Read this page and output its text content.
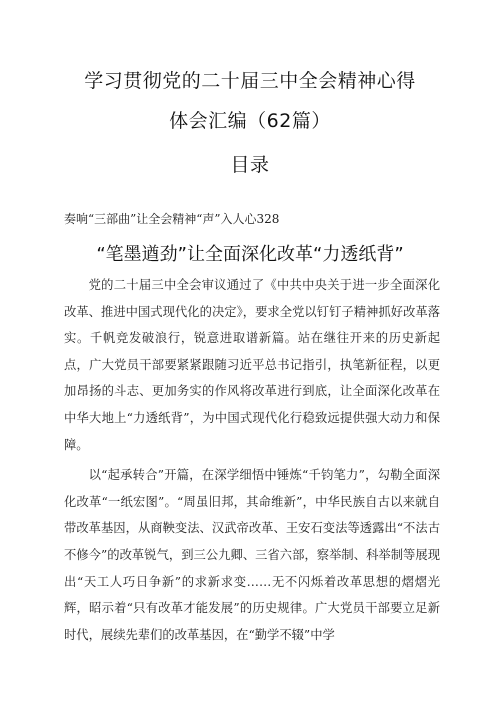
学习贯彻党的二十届三中全会精神心得
体会汇编（62篇）
目录
奏响“三部曲”让全会精神“声”入人心328
“笔墨遒劲”让全面深化改革“力透纸背”

党的二十届三中全会审议通过了《中共中央关于进一步全面深化改革、推进中国式现代化的决定》，要求全党以钉钉子精神抓好改革落实。千帆竞发破浪行，锐意进取谱新篇。站在继往开来的历史新起点，广大党员干部要紧紧跟随习近平总书记指引，执笔新征程，以更加昂扬的斗志、更加务实的作风将改革进行到底，让全面深化改革在中华大地上“力透纸背”，为中国式现代化行稳致远提供强大动力和保障。

以“起承转合”开篇，在深学细悟中锤炼“千钧笔力”，勾勒全面深化改革“一纸宏图”。“周虽旧邦，其命维新”，中华民族自古以来就自带改革基因，从商鞅变法、汉武帝改革、王安石变法等透露出“不法古不修今”的改革锐气，到三公九卿、三省六部，察举制、科举制等展现出“天工人巧日争新”的求新求变……无不闪烁着改革思想的熠熠光辉，昭示着“只有改革才能发展”的历史规律。广大党员干部要立足新时代，展续先辈们的改革基因，在“勤学不辍”中学
